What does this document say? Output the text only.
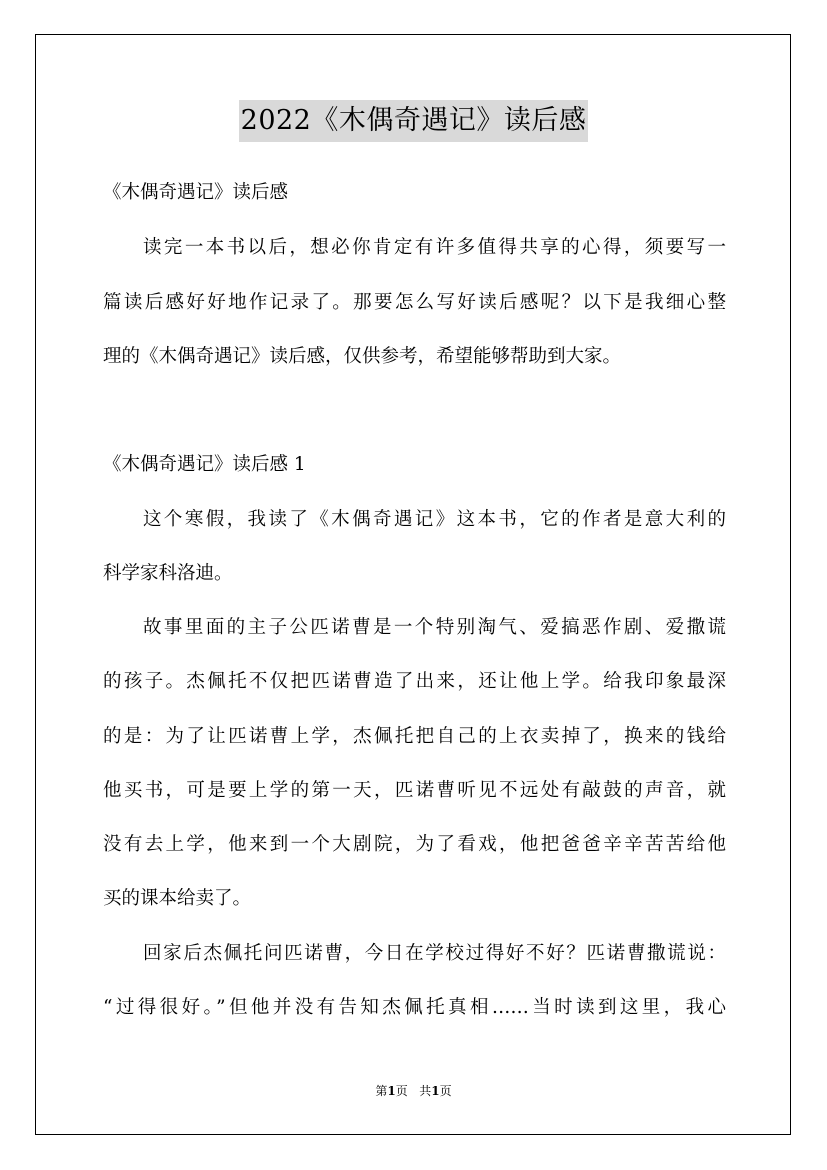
2022《木偶奇遇记》读后感
《木偶奇遇记》读后感
读完一本书以后，想必你肯定有许多值得共享的心得，须要写一
篇读后感好好地作记录了。那要怎么写好读后感呢？以下是我细心整
理的《木偶奇遇记》读后感，仅供参考，希望能够帮助到大家。
《木偶奇遇记》读后感 1
这个寒假，我读了《木偶奇遇记》这本书，它的作者是意大利的
科学家科洛迪。
故事里面的主子公匹诺曹是一个特别淘气、爱搞恶作剧、爱撒谎
的孩子。杰佩托不仅把匹诺曹造了出来，还让他上学。给我印象最深
的是：为了让匹诺曹上学，杰佩托把自己的上衣卖掉了，换来的钱给
他买书，可是要上学的第一天，匹诺曹听见不远处有敲鼓的声音，就
没有去上学，他来到一个大剧院，为了看戏，他把爸爸辛辛苦苦给他
买的课本给卖了。
回家后杰佩托问匹诺曹，今日在学校过得好不好？匹诺曹撒谎说：
“过得很好。”但他并没有告知杰佩托真相……当时读到这里，我心
第1页 共1页
